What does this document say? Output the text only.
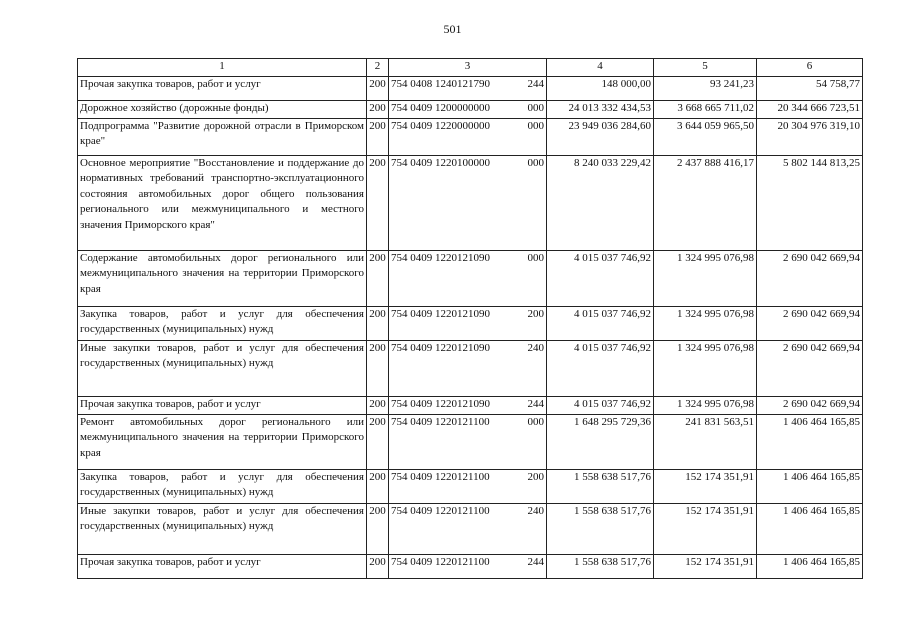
501
1	2	3	4	5	6
Прочая закупка товаров, работ и услуг	200	754 0408 1240121790 244	148 000,00	93 241,23	54 758,77
Дорожное хозяйство (дорожные фонды)	200	754 0409 1200000000 000	24 013 332 434,53	3 668 665 711,02	20 344 666 723,51
Подпрограмма "Развитие дорожной отрасли в Приморском крае"	200	754 0409 1220000000 000	23 949 036 284,60	3 644 059 965,50	20 304 976 319,10
Основное мероприятие "Восстановление и поддержание до нормативных требований транспортно-эксплуатационного состояния автомобильных дорог общего пользования регионального или межмуниципального и местного значения Приморского края"	200	754 0409 1220100000 000	8 240 033 229,42	2 437 888 416,17	5 802 144 813,25
Содержание автомобильных дорог регионального или межмуниципального значения на территории Приморского края	200	754 0409 1220121090 000	4 015 037 746,92	1 324 995 076,98	2 690 042 669,94
Закупка товаров, работ и услуг для обеспечения государственных (муниципальных) нужд	200	754 0409 1220121090 200	4 015 037 746,92	1 324 995 076,98	2 690 042 669,94
Иные закупки товаров, работ и услуг для обеспечения государственных (муниципальных) нужд	200	754 0409 1220121090 240	4 015 037 746,92	1 324 995 076,98	2 690 042 669,94
Прочая закупка товаров, работ и услуг	200	754 0409 1220121090 244	4 015 037 746,92	1 324 995 076,98	2 690 042 669,94
Ремонт автомобильных дорог регионального или межмуниципального значения на территории Приморского края	200	754 0409 1220121100 000	1 648 295 729,36	241 831 563,51	1 406 464 165,85
Закупка товаров, работ и услуг для обеспечения государственных (муниципальных) нужд	200	754 0409 1220121100 200	1 558 638 517,76	152 174 351,91	1 406 464 165,85
Иные закупки товаров, работ и услуг для обеспечения государственных (муниципальных) нужд	200	754 0409 1220121100 240	1 558 638 517,76	152 174 351,91	1 406 464 165,85
Прочая закупка товаров, работ и услуг	200	754 0409 1220121100 244	1 558 638 517,76	152 174 351,91	1 406 464 165,85
